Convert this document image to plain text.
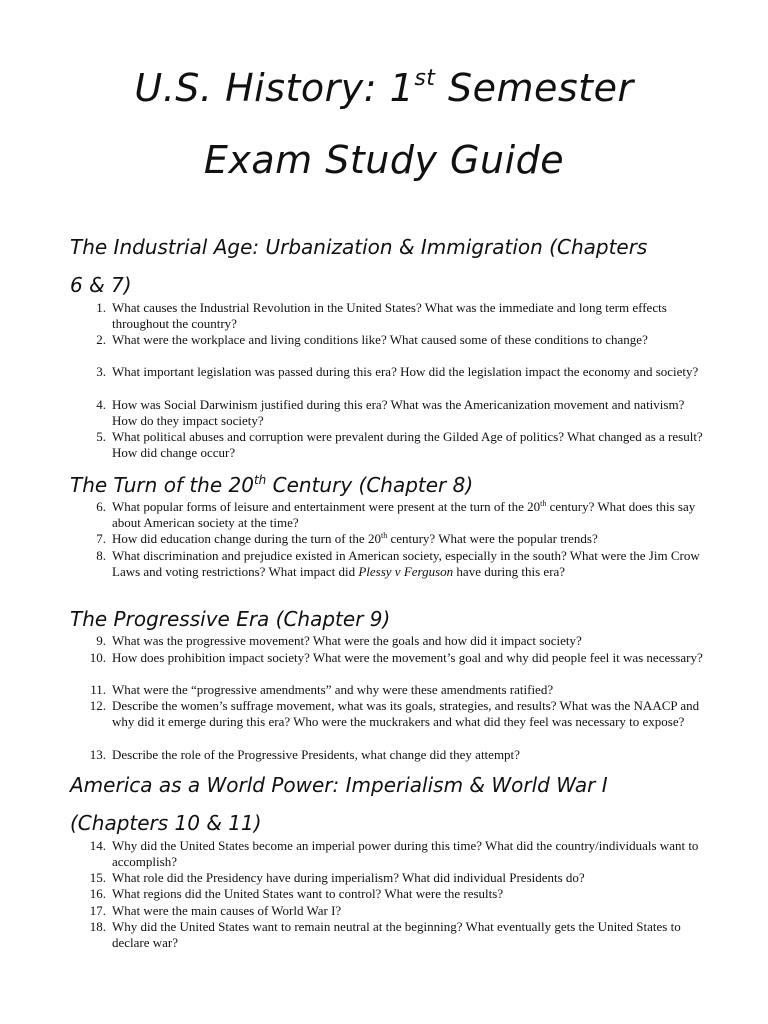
U.S. History: 1st Semester
Exam Study Guide
The Industrial Age: Urbanization & Immigration (Chapters
6 & 7)
1. What causes the Industrial Revolution in the United States? What was the immediate and long term effects throughout the country?
2. What were the workplace and living conditions like? What caused some of these conditions to change?
3. What important legislation was passed during this era? How did the legislation impact the economy and society?
4. How was Social Darwinism justified during this era? What was the Americanization movement and nativism? How do they impact society?
5. What political abuses and corruption were prevalent during the Gilded Age of politics? What changed as a result? How did change occur?
The Turn of the 20th Century (Chapter 8)
6. What popular forms of leisure and entertainment were present at the turn of the 20th century? What does this say about American society at the time?
7. How did education change during the turn of the 20th century? What were the popular trends?
8. What discrimination and prejudice existed in American society, especially in the south? What were the Jim Crow Laws and voting restrictions? What impact did Plessy v Ferguson have during this era?
The Progressive Era (Chapter 9)
9. What was the progressive movement? What were the goals and how did it impact society?
10. How does prohibition impact society? What were the movement’s goal and why did people feel it was necessary?
11. What were the “progressive amendments” and why were these amendments ratified?
12. Describe the women’s suffrage movement, what was its goals, strategies, and results? What was the NAACP and why did it emerge during this era? Who were the muckrakers and what did they feel was necessary to expose?
13. Describe the role of the Progressive Presidents, what change did they attempt?
America as a World Power: Imperialism & World War I
(Chapters 10 & 11)
14. Why did the United States become an imperial power during this time? What did the country/individuals want to accomplish?
15. What role did the Presidency have during imperialism? What did individual Presidents do?
16. What regions did the United States want to control? What were the results?
17. What were the main causes of World War I?
18. Why did the United States want to remain neutral at the beginning? What eventually gets the United States to declare war?
